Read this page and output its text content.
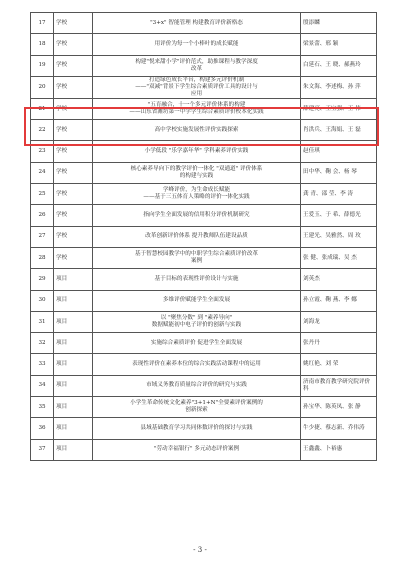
17	学校	"3+x" 智能管理 构建教育评价新格态	殷添麟
18	学校	用评价为每一个小棒叶的成长赋能	梁景蕾、邢 颖
19	学校	构建"悦来甜小学"评价范式，助推课程与教学深度
改革	白延石、王 晓、郝燕玲
20	学校	打造绿色成长平台，构建多元评价机制
——"双减"背景下学生综合素质评价工具的设计与
应用	朱文海、李述梅、孙 萍
21	学校	"五育融合，十一个多元评价体系的构建
——山东省潍坊第一中学学生综合素质评价校本化实践	薛建亮、王宝强、王 伟
22	学校	高中学校实施发展性评价实践探索	肖洪兵、王海娟、王 磊
23	学校	小学低段 "乐学嘉年华" 学科素养评价实践	赵佳琪
24	学校	核心素养导向下的教学评价一体化 "双通道" 评价体系
的构建与实践	田中华、鞠 会、杨 琴
25	学校	学峰评价，为生命成长赋能
——基于三五体育人策略的评价一体化实践	龚 青、邵 莹、李 涛
26	学校	指向学生全面发展的信用积分评价机制研究	王爱玉、于 希、薛德光
27	学校	改革创新评价体系 提升教师队伍建设品质	王建光、吴雅然、周 玫
28	学校	基于智慧校园教学中的中职学生综合素质评价改革
案例	张 健、张成瑞、吴 杰
29	项目	基于目标的表现性评价设计与实施	刘英杰
30	项目	多维评价赋能学生全面发展	孙立霞、鞠 燕、李 娜
31	项目	以 "聚焦分数" 到 "素养导向"
数据赋能初中电子评价的创新与实践	刘海龙
32	项目	实施综合素质评价 促进学生全面发展	张丹丹
33	项目	表现性评价在素养本位的综合实践活动课程中的运用	姚红艳、刘 荣
34	项目	市域义务教育质量综合评价的研究与实践	济南市教育教学研究院评价科
35	项目	小学生革命传统文化素养"3+1+N"全要素评价案例的
创新探索	孙宝华、陈英凤、张 静
36	项目	县域基础教育学习共同体数评价的探讨与实践	牛少捷、蔡志新、乔伟涛
37	项目	"劳动幸福银行" 多元动态评价案例	王鑫鑫、卜裕惠
- 3 -
